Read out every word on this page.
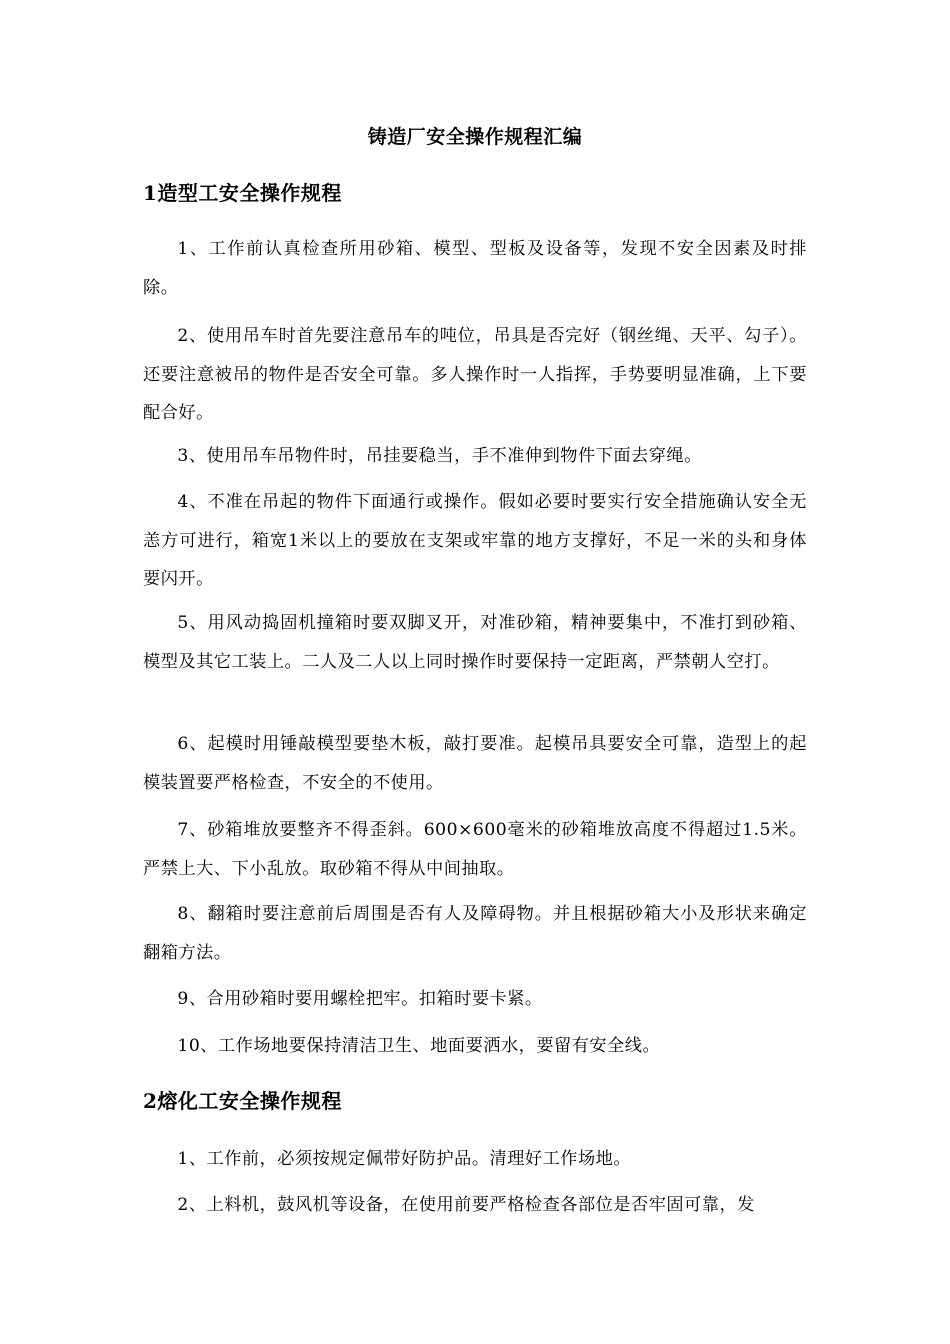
铸造厂安全操作规程汇编
1造型工安全操作规程
1、工作前认真检查所用砂箱、模型、型板及设备等，发现不安全因素及时排除。
2、使用吊车时首先要注意吊车的吨位，吊具是否完好（钢丝绳、天平、勾子）。还要注意被吊的物件是否安全可靠。多人操作时一人指挥，手势要明显准确，上下要配合好。
3、使用吊车吊物件时，吊挂要稳当，手不准伸到物件下面去穿绳。
4、不准在吊起的物件下面通行或操作。假如必要时要实行安全措施确认安全无恙方可进行，箱宽1米以上的要放在支架或牢靠的地方支撑好，不足一米的头和身体要闪开。
5、用风动捣固机撞箱时要双脚叉开，对准砂箱，精神要集中，不准打到砂箱、模型及其它工装上。二人及二人以上同时操作时要保持一定距离，严禁朝人空打。
6、起模时用锤敲模型要垫木板，敲打要准。起模吊具要安全可靠，造型上的起模装置要严格检查，不安全的不使用。
7、砂箱堆放要整齐不得歪斜。600×600毫米的砂箱堆放高度不得超过1.5米。严禁上大、下小乱放。取砂箱不得从中间抽取。
8、翻箱时要注意前后周围是否有人及障碍物。并且根据砂箱大小及形状来确定翻箱方法。
9、合用砂箱时要用螺栓把牢。扣箱时要卡紧。
10、工作场地要保持清洁卫生、地面要洒水，要留有安全线。
2熔化工安全操作规程
1、工作前，必须按规定佩带好防护品。清理好工作场地。
2、上料机，鼓风机等设备，在使用前要严格检查各部位是否牢固可靠，发
